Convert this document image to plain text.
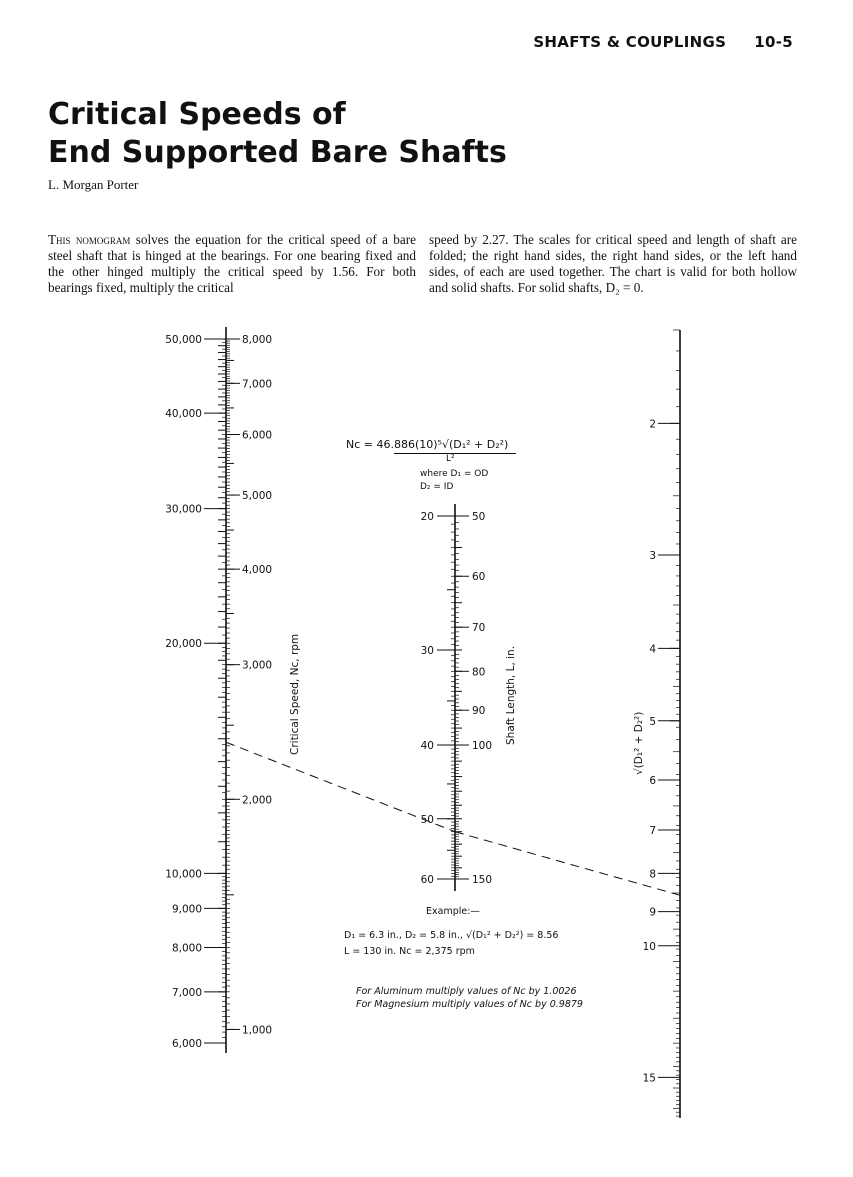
SHAFTS & COUPLINGS 10-5
Critical Speeds of
End Supported Bare Shafts
L. Morgan Porter

This nomogram solves the equation for the critical speed of a bare steel shaft that is hinged at the bearings. For one bearing fixed and the other hinged multiply the critical speed by 1.56. For both bearings fixed, multiply the critical

speed by 2.27. The scales for critical speed and length of shaft are folded; the right hand sides, the right hand sides, or the left hand sides, of each are used together. The chart is valid for both hollow and solid shafts. For solid shafts, D₂ = 0.

50,000
40,000
30,000
20,000
10,000
9,000
8,000
7,000
6,000
8,000
7,000
6,000
5,000
4,000
3,000
2,000
1,000
Critical Speed, Nc, rpm
20
30
40
50
60
50
60
70
80
90
100
150
Shaft Length, L, in.
2
3
4
5
6
7
8
9
10
15
√(D₁² + D₂²)
Nc = 46.886(10)⁵√(D₁² + D₂²)
L²
where D₁ = OD
D₂ = ID
Example:—
D₁ = 6.3 in., D₂ = 5.8 in., √(D₁² + D₂²) = 8.56
L = 130 in. Nc = 2,375 rpm
For Aluminum multiply values of Nc by 1.0026
For Magnesium multiply values of Nc by 0.9879
